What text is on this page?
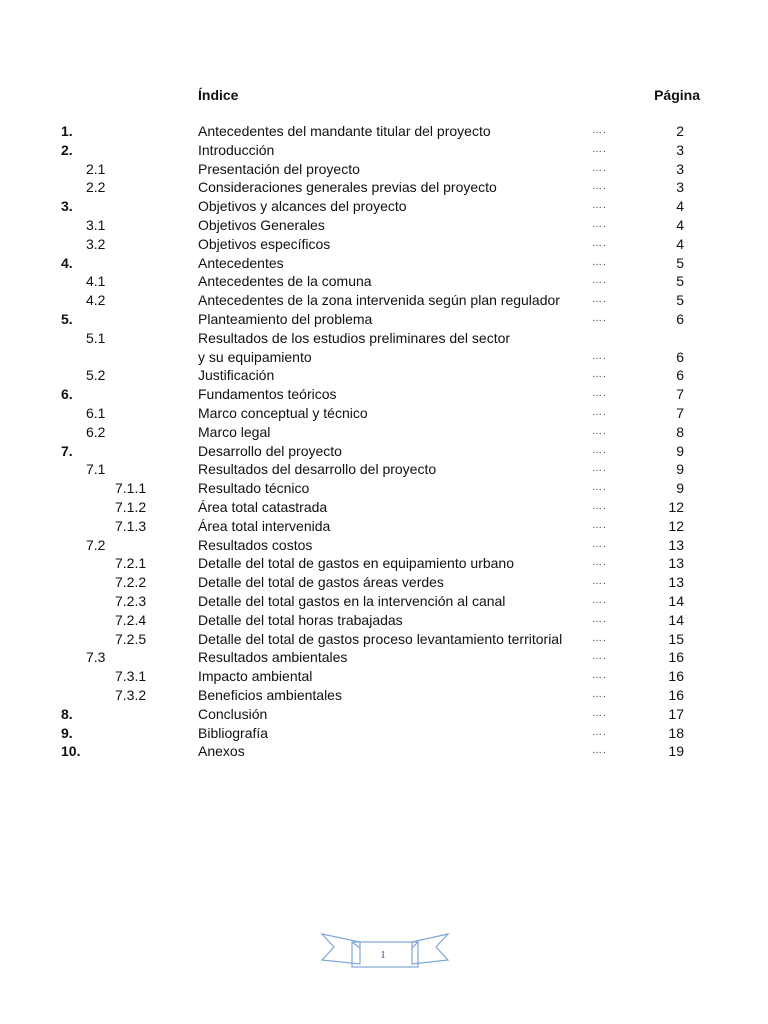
Índice	Página
1.	Antecedentes del mandante titular del proyecto	….	2
2.	Introducción	….	3
2.1	Presentación del proyecto	….	3
2.2	Consideraciones generales previas del proyecto	….	3
3.	Objetivos y alcances del proyecto	….	4
3.1	Objetivos Generales	….	4
3.2	Objetivos específicos	….	4
4.	Antecedentes	….	5
4.1	Antecedentes de la comuna	….	5
4.2	Antecedentes de la zona intervenida según plan regulador	….	5
5.	Planteamiento del problema	….	6
5.1	Resultados de los estudios preliminares del sector
y su equipamiento	….	6
5.2	Justificación	….	6
6.	Fundamentos teóricos	….	7
6.1	Marco conceptual y técnico	….	7
6.2	Marco legal	….	8
7.	Desarrollo del proyecto	….	9
7.1	Resultados del desarrollo del proyecto	….	9
7.1.1	Resultado técnico	….	9
7.1.2	Área total catastrada	….	12
7.1.3	Área total intervenida	….	12
7.2	Resultados costos	….	13
7.2.1	Detalle del total de gastos en equipamiento urbano	….	13
7.2.2	Detalle del total de gastos áreas verdes	….	13
7.2.3	Detalle del total gastos en la intervención al canal	….	14
7.2.4	Detalle del total horas trabajadas	….	14
7.2.5	Detalle del total de gastos proceso levantamiento territorial	….	15
7.3	Resultados ambientales	….	16
7.3.1	Impacto ambiental	….	16
7.3.2	Beneficios ambientales	….	16
8.	Conclusión	….	17
9.	Bibliografía	….	18
10.	Anexos	….	19
1
